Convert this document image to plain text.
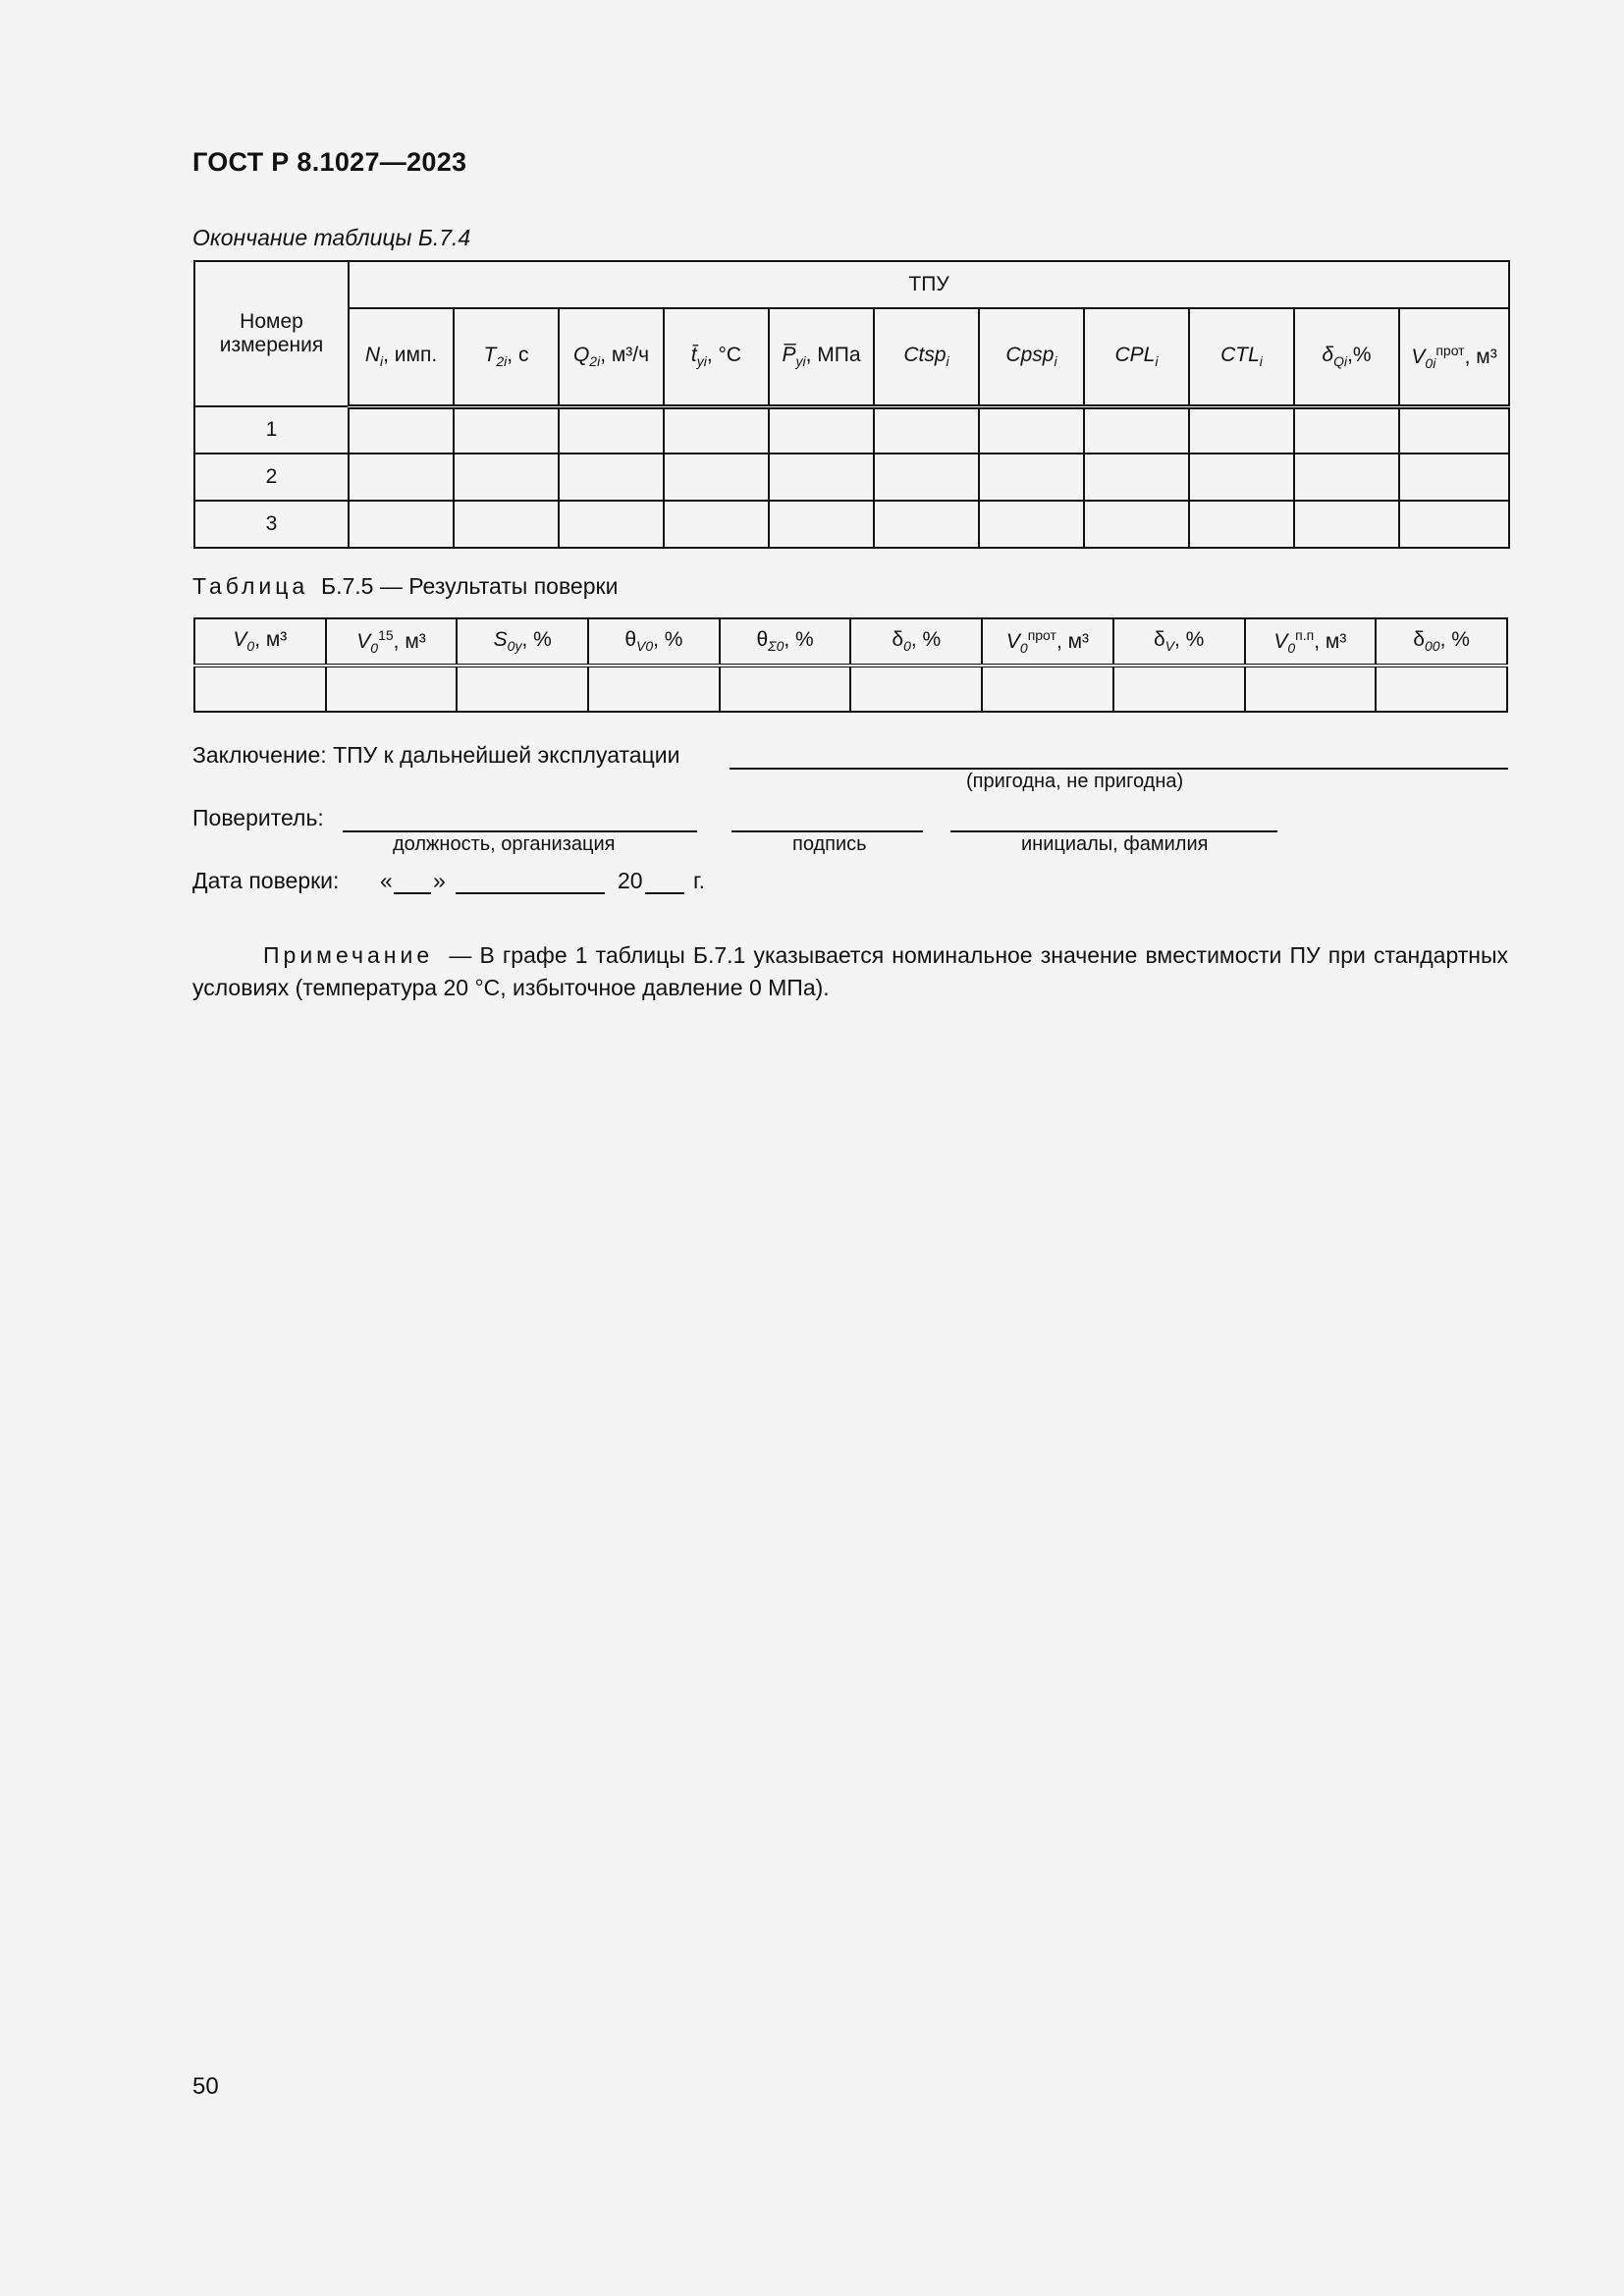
ГОСТ Р 8.1027—2023
Окончание таблицы Б.7.4
Номер измерения	ТПУ										
	$N_i$, имп.	$T_{2i}$, с	$Q_{2i}$, м³/ч	$t̄_{yi}$, °С	$P̅_{yi}$, МПа	Ctsp$_i$	Cpsp$_i$	$CPL_i$	$CTL_i$	$\delta_{Qi},\%$	$V_{0i}^{прот}$, м³
1											
2											
3											
Таблица Б.7.5 — Результаты поверки
$V_0$, м³	$V_0^{15}$, м³	$S_{0y}$, %	$\theta_{V0}$, %	$\theta_{\Sigma 0}$, %	$\delta_0$, %	$V_0^{прот}$, м³	$\delta_V$, %	$V_0^{п.п}$, м³	$\delta_{00}$, %

Заключение: ТПУ к дальнейшей эксплуатации
(пригодна, не пригодна)
Поверитель:
должность, организация	подпись	инициалы, фамилия
Дата поверки: « »	20 г.
Примечание — В графе 1 таблицы Б.7.1 указывается номинальное значение вместимости ПУ при стандартных условиях (температура 20 °С, избыточное давление 0 МПа).
50
